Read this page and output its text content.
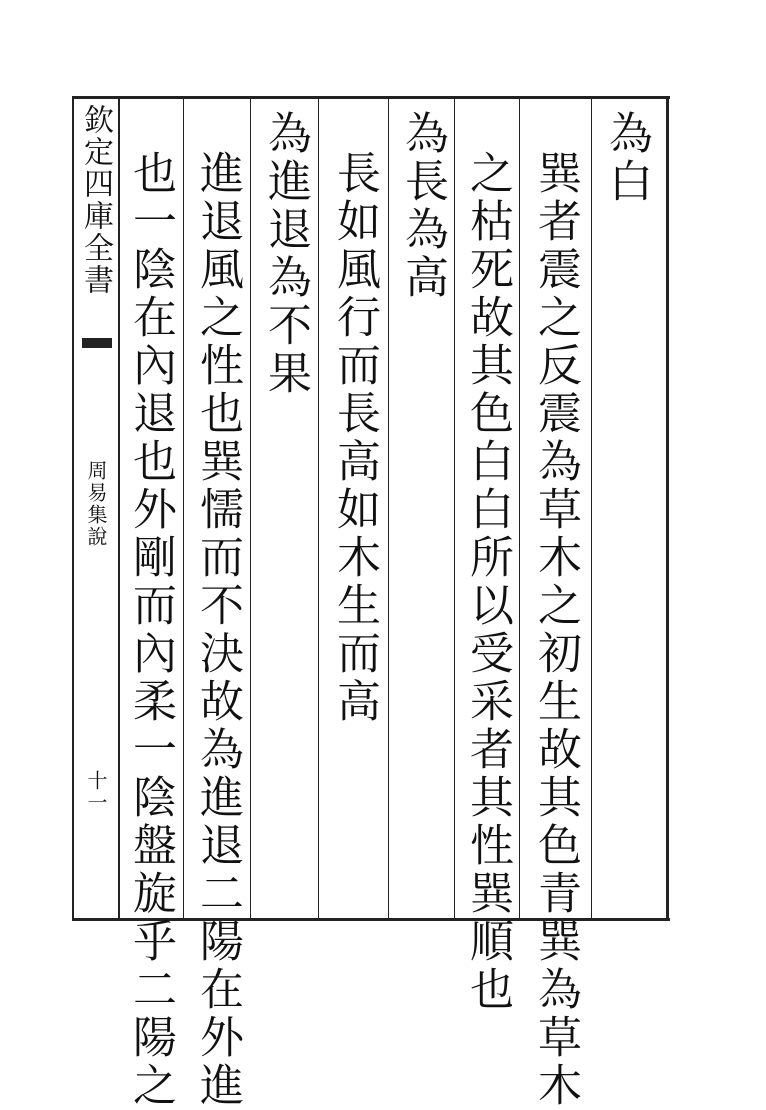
欽定四庫全書
周易集說
十一
為白
巽者震之反震為草木之初生故其色青巽為草木
之枯死故其色白白所以受采者其性巽順也
為長為高
長如風行而長高如木生而高
為進退為不果
進退風之性也巽懦而不決故為進退二陽在外進
也一陰在內退也外剛而內柔一陰盤旋乎二陽之
